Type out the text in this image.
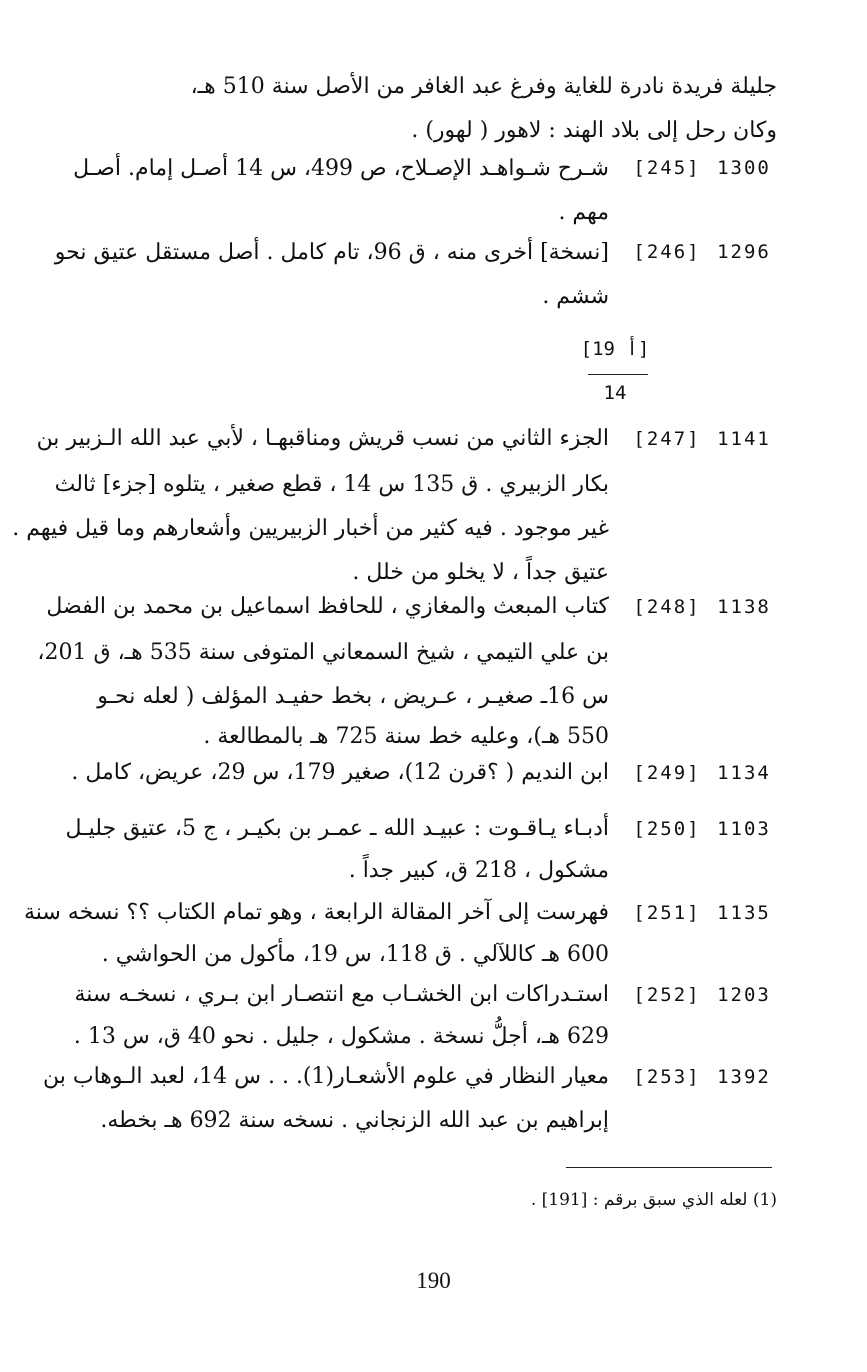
جليلة فريدة نادرة للغاية وفرغ عبد الغافر من الأصل سنة 510 هـ،
وكان رحل إلى بلاد الهند : لاهور ( لهور) .
[245] 1300
شـرح شـواهـد الإصـلاح، ص 499، س 14 أصـل إمام. أصـل
مهم .
[246] 1296
[نسخة] أخرى منه ، ق 96، تام كامل . أصل مستقل عتيق نحو
ششم .
[19 أ]
14
[247] 1141
الجزء الثاني من نسب قريش ومناقبهـا ، لأبي عبد الله الـزبير بن
بكار الزبيري . ق 135 س 14 ، قطع صغير ، يتلوه [جزء] ثالث
غير موجود . فيه كثير من أخبار الزبيريين وأشعارهم وما قيل فيهم .
عتيق جداً ، لا يخلو من خلل .
[248] 1138
كتاب المبعث والمغازي ، للحافظ اسماعيل بن محمد بن الفضل
بن علي التيمي ، شيخ السمعاني المتوفى سنة 535 هـ، ق 201،
س 16ـ صغيـر ، عـريض ، بخط حفيـد المؤلف ( لعله نحـو
550 هـ)، وعليه خط سنة 725 هـ بالمطالعة .
[249] 1134
ابن النديم ( ؟قرن 12)، صغير 179، س 29، عريض، كامل .
[250] 1103
أدبـاء يـاقـوت : عبيـد الله ـ عمـر بن بكيـر ، ج 5، عتيق جليـل
مشكول ، 218 ق، كبير جداً .
[251] 1135
فهرست إلى آخر المقالة الرابعة ، وهو تمام الكتاب ؟؟ نسخه سنة
600 هـ كاللآلي . ق 118، س 19، مأكول من الحواشي .
[252] 1203
استـدراكات ابن الخشـاب مع انتصـار ابن بـري ، نسخـه سنة
629 هـ، أجلُّ نسخة . مشكول ، جليل . نحو 40 ق، س 13 .
[253] 1392
معيار النظار في علوم الأشعـار(1). . . س 14، لعبد الـوهاب بن
إبراهيم بن عبد الله الزنجاني . نسخه سنة 692 هـ بخطه.
(1) لعله الذي سبق برقم : [191] .
190
